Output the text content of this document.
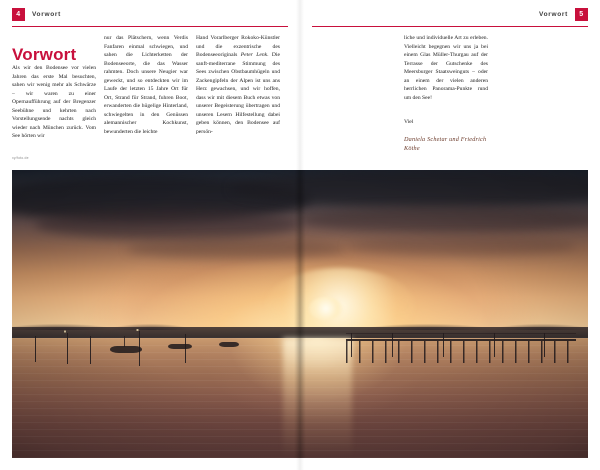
4	Vorwort
Vorwort

Als wir den Bodensee vor vielen Jahren das erste Mal besuchten, sahen wir wenig mehr als Schwärze – wir waren zu einer Opernaufführung auf der Bregenzer Seebühne und kehrten nach Vorstellungsende nachts gleich wieder nach München zurück. Vom See hörten wir

nur das Plätschern, wenn Verdis Fanfaren einmal schwiegen, und sahen die Lichterketten der Bodenseeorte, die das Wasser rahmten. Doch unsere Neugier war geweckt, und so entdeckten wir im Laufe der letzten 15 Jahre Ort für Ort, Strand für Strand, fuhren Boot, erwanderten die hügelige Hinterland, schwiegelten in den Genüssen alemannischer Kochkunst, bewunderten die leichte

Hand Vorarlberger Rokoko-Künstler und die exzentrische des Bodenseeoriginals Peter Lenk. Die sanft-mediterrane Stimmung des Sees zwischen Obstbaumhügeln und Zackengipfeln der Alpen ist uns ans Herz gewachsen, und wir hoffen, dass wir mit diesem Buch etwas von unserer Begeisterung übertragen und unseren Lesern Hilfestellung dabei geben können, den Bodensee auf persön-

xy/foto.de
Vorwort	5

liche und individuelle Art zu erleben. Vielleicht begegnen wir uns ja bei einem Glas Müller-Thurgau auf der Terrasse der Gutschenke des Meersburger Staatsweinguts – oder an einem der vielen anderen herrlichen Panorama-Punkte rund um den See!

Viel
Daniela Schetar und Friedrich Köthe
